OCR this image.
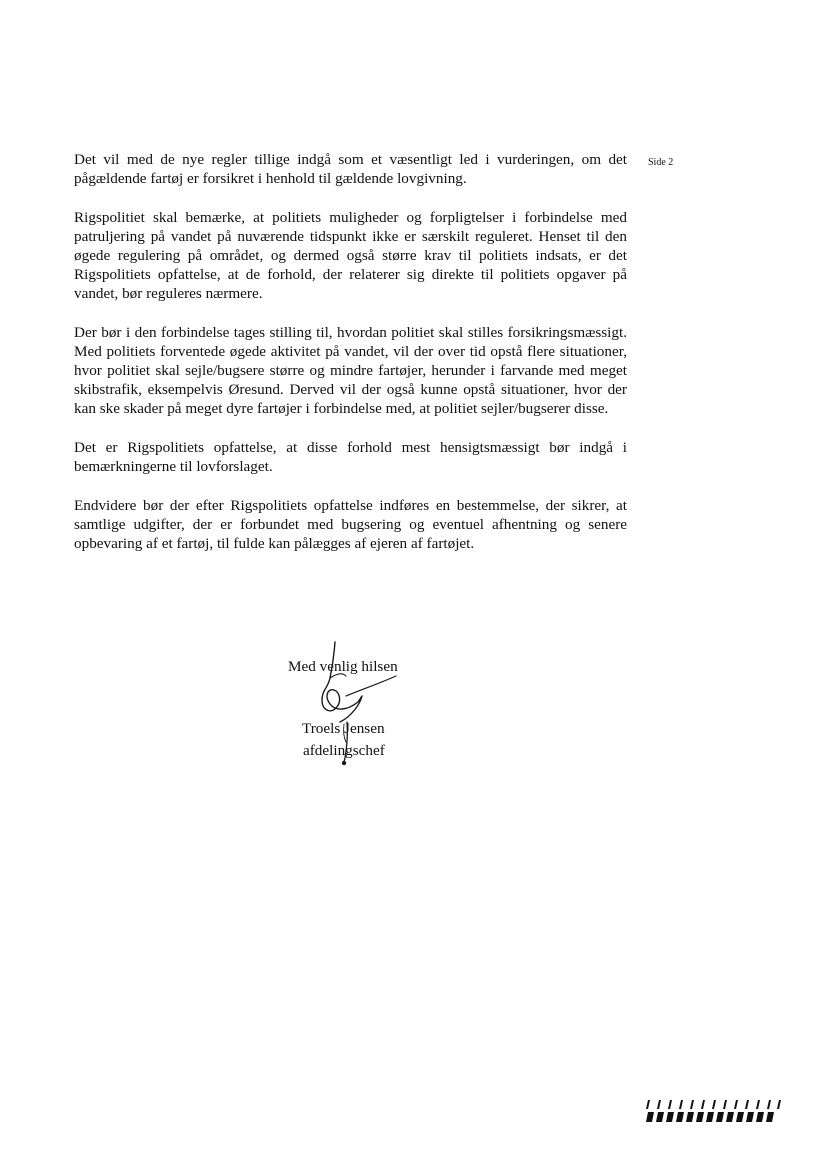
Side 2

Det vil med de nye regler tillige indgå som et væsentligt led i vurderingen, om det pågældende fartøj er forsikret i henhold til gældende lovgivning.

Rigspolitiet skal bemærke, at politiets muligheder og forpligtelser i forbindelse med patruljering på vandet på nuværende tidspunkt ikke er særskilt reguleret. Henset til den øgede regulering på området, og dermed også større krav til politiets indsats, er det Rigspolitiets opfattelse, at de forhold, der relaterer sig direkte til politiets opgaver på vandet, bør reguleres nærmere.

Der bør i den forbindelse tages stilling til, hvordan politiet skal stilles forsikringsmæssigt. Med politiets forventede øgede aktivitet på vandet, vil der over tid opstå flere situationer, hvor politiet skal sejle/bugsere større og mindre fartøjer, herunder i farvande med meget skibstrafik, eksempelvis Øresund. Derved vil der også kunne opstå situationer, hvor der kan ske skader på meget dyre fartøjer i forbindelse med, at politiet sejler/bugserer disse.

Det er Rigspolitiets opfattelse, at disse forhold mest hensigtsmæssigt bør indgå i bemærkningerne til lovforslaget.

Endvidere bør der efter Rigspolitiets opfattelse indføres en bestemmelse, der sikrer, at samtlige udgifter, der er forbundet med bugsering og eventuel afhentning og senere opbevaring af et fartøj, til fulde kan pålægges af ejeren af fartøjet.

Med venlig hilsen
Troels Jensen
afdelingschef
